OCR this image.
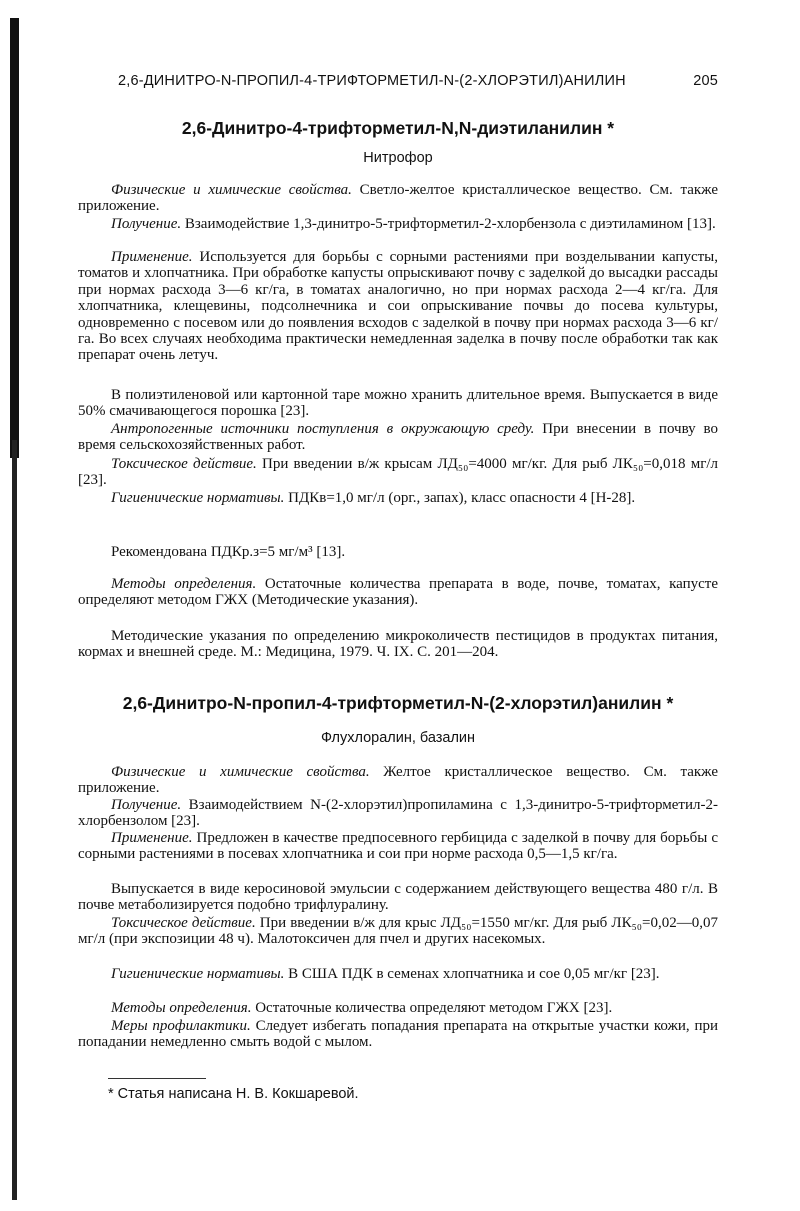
2,6-ДИНИТРО-N-ПРОПИЛ-4-ТРИФТОРМЕТИЛ-N-(2-ХЛОРЭТИЛ)АНИЛИН	205
2,6-Динитро-4-трифторметил-N,N-диэтиланилин *
Нитрофор
Физические и химические свойства. Светло-желтое кристаллическое вещество. См. также приложение.
Получение. Взаимодействие 1,3-динитро-5-трифторметил-2-хлорбензола с диэтиламином [13].
Применение. Используется для борьбы с сорными растениями при возделывании капусты, томатов и хлопчатника. При обработке капусты опрыскивают почву с заделкой до высадки рассады при нормах расхода 3—6 кг/га, в томатах аналогично, но при нормах расхода 2—4 кг/га. Для хлопчатника, клещевины, подсолнечника и сои опрыскивание почвы до посева культуры, одновременно с посевом или до появления всходов с заделкой в почву при нормах расхода 3—6 кг/га. Во всех случаях необходима практически немедленная заделка в почву после обработки так как препарат очень летуч.
В полиэтиленовой или картонной таре можно хранить длительное время. Выпускается в виде 50% смачивающегося порошка [23].
Антропогенные источники поступления в окружающую среду. При внесении в почву во время сельскохозяйственных работ.
Токсическое действие. При введении в/ж крысам ЛД₅₀=4000 мг/кг. Для рыб ЛК₅₀=0,018 мг/л [23].
Гигиенические нормативы. ПДКв=1,0 мг/л (орг., запах), класс опасности 4 [Н-28].
Рекомендована ПДКр.з=5 мг/м³ [13].
Методы определения. Остаточные количества препарата в воде, почве, томатах, капусте определяют методом ГЖХ (Методические указания).
Методические указания по определению микроколичеств пестицидов в продуктах питания, кормах и внешней среде. М.: Медицина, 1979. Ч. IX. С. 201—204.
2,6-Динитро-N-пропил-4-трифторметил-N-(2-хлорэтил)анилин *
Флухлоралин, базалин
Физические и химические свойства. Желтое кристаллическое вещество. См. также приложение.
Получение. Взаимодействием N-(2-хлорэтил)пропиламина с 1,3-динитро-5-трифторметил-2-хлорбензолом [23].
Применение. Предложен в качестве предпосевного гербицида с заделкой в почву для борьбы с сорными растениями в посевах хлопчатника и сои при норме расхода 0,5—1,5 кг/га.
Выпускается в виде керосиновой эмульсии с содержанием действующего вещества 480 г/л. В почве метаболизируется подобно трифлуралину.
Токсическое действие. При введении в/ж для крыс ЛД₅₀=1550 мг/кг. Для рыб ЛК₅₀=0,02—0,07 мг/л (при экспозиции 48 ч). Малотоксичен для пчел и других насекомых.
Гигиенические нормативы. В США ПДК в семенах хлопчатника и сое 0,05 мг/кг [23].
Методы определения. Остаточные количества определяют методом ГЖХ [23].
Меры профилактики. Следует избегать попадания препарата на открытые участки кожи, при попадании немедленно смыть водой с мылом.
* Статья написана Н. В. Кокшаревой.
